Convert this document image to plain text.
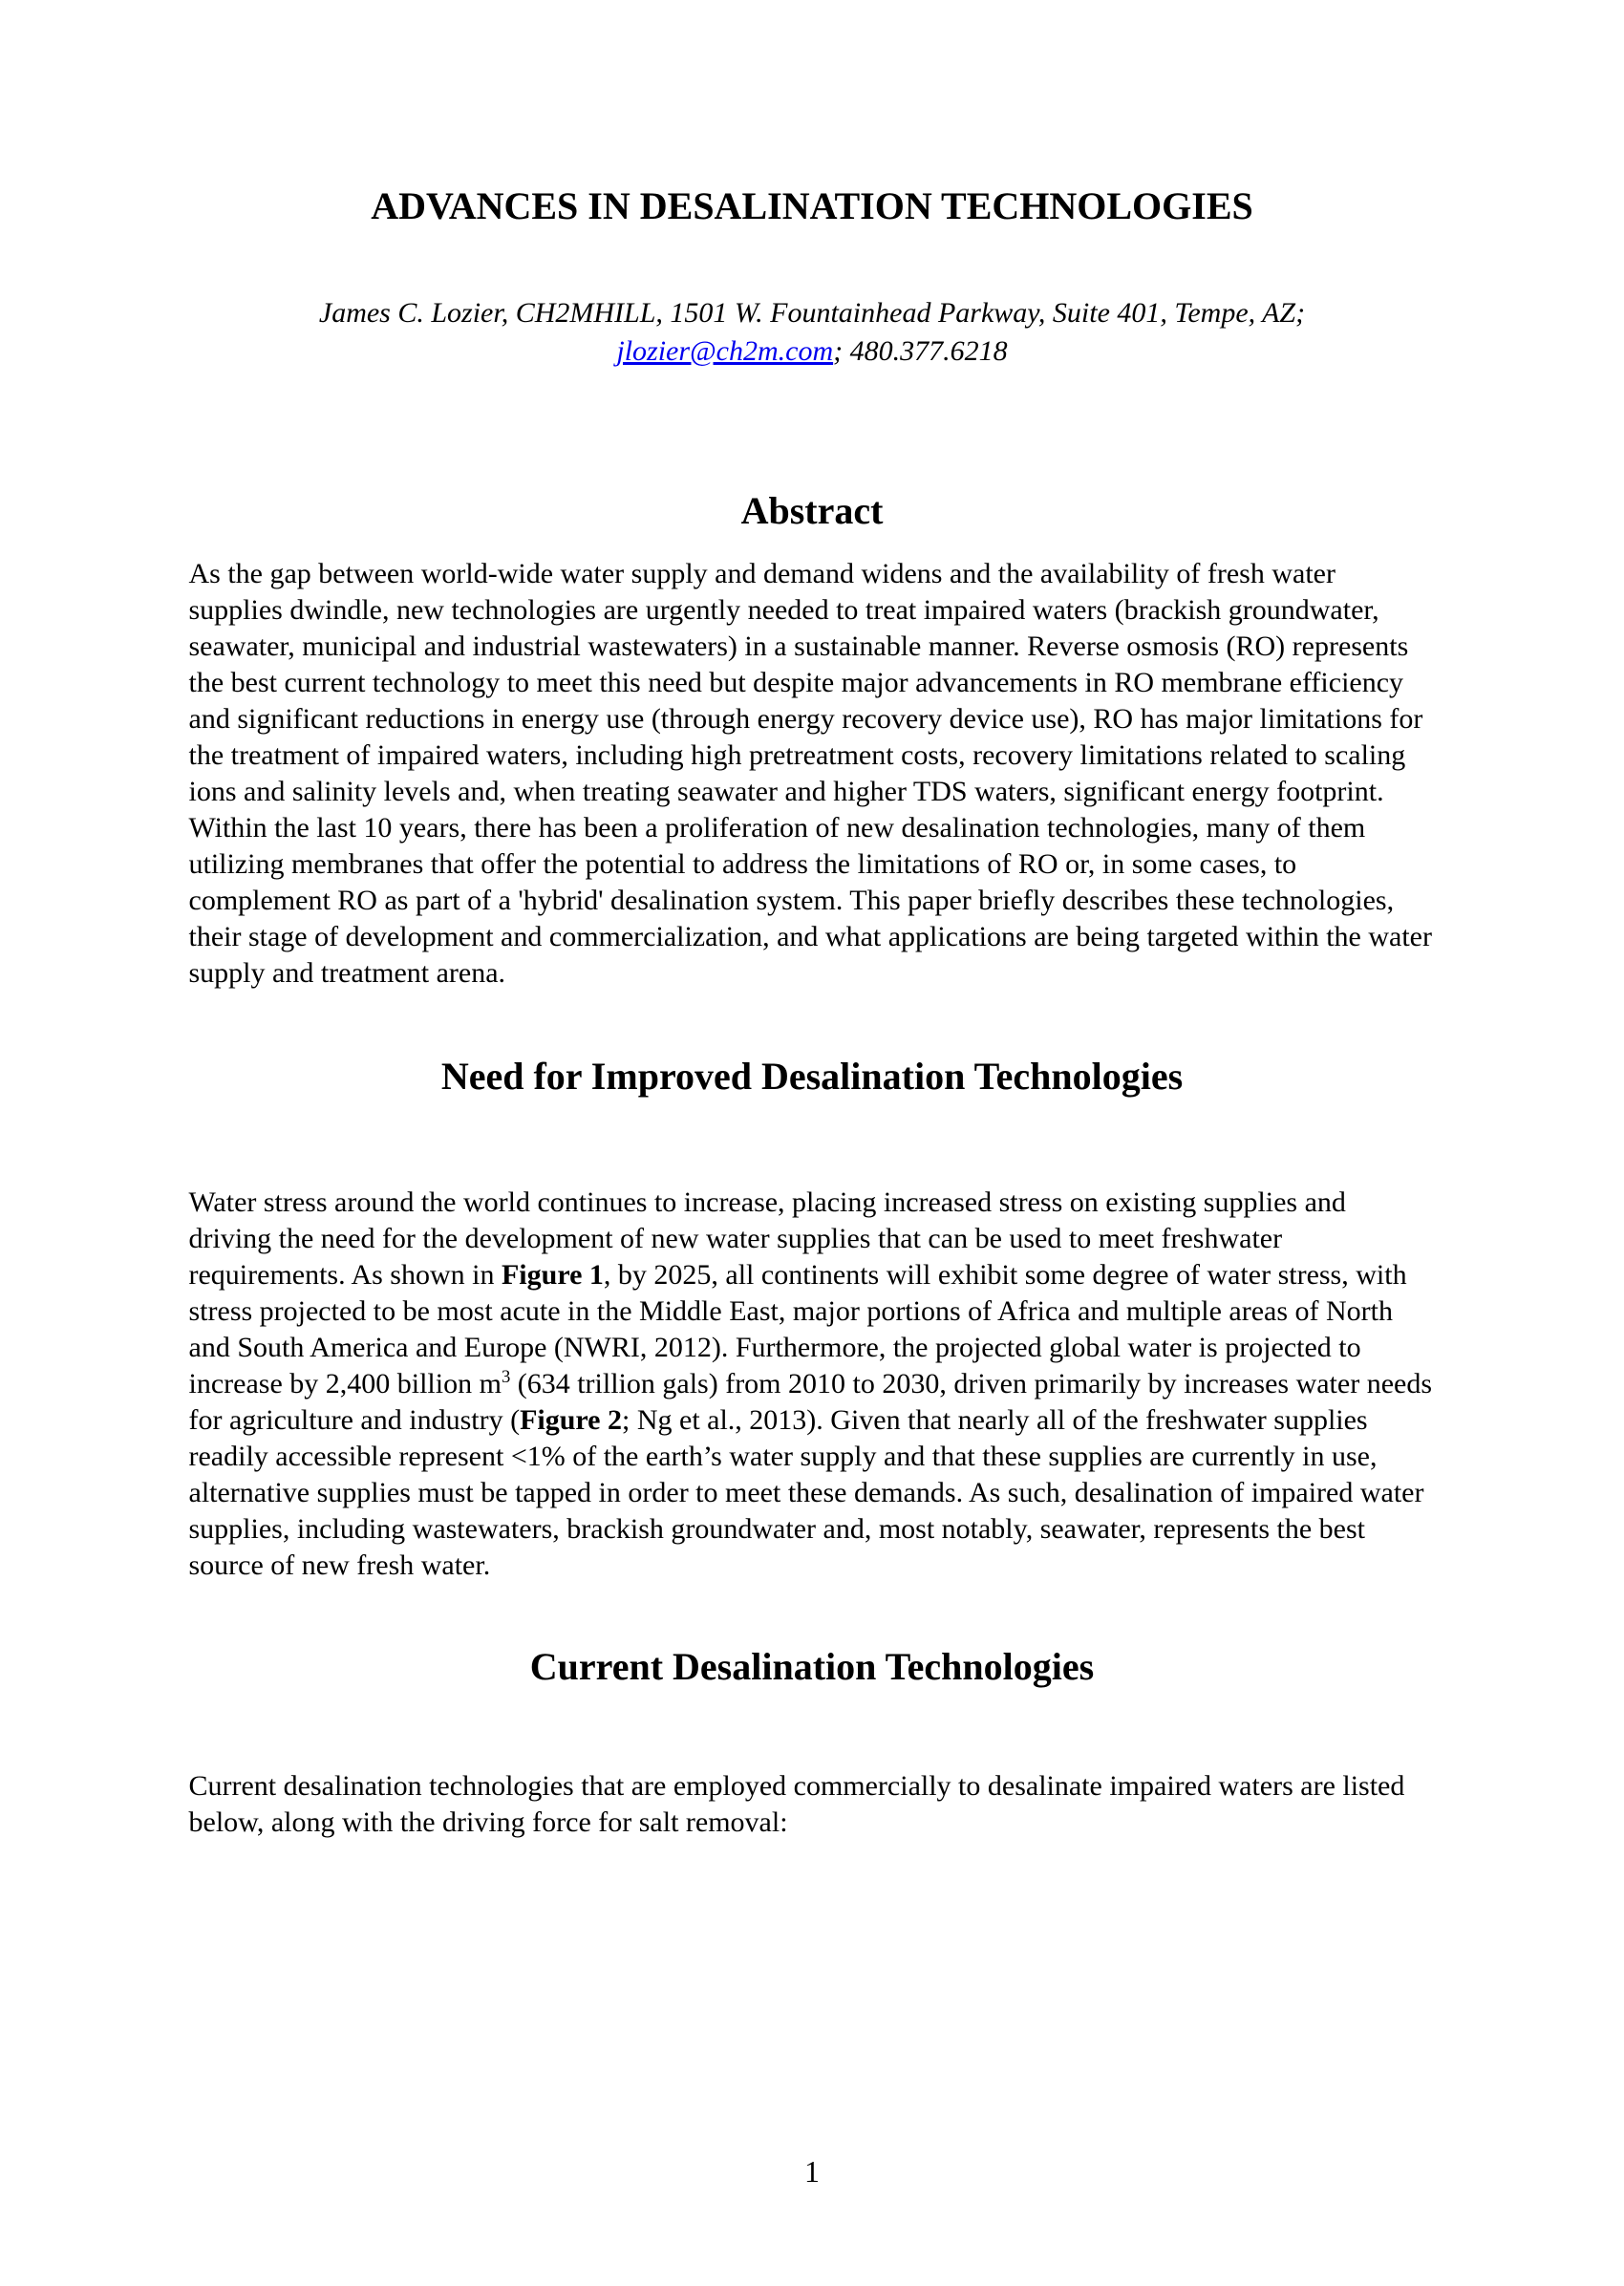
ADVANCES IN DESALINATION TECHNOLOGIES
James C. Lozier, CH2MHILL, 1501 W. Fountainhead Parkway, Suite 401, Tempe, AZ;
jlozier@ch2m.com; 480.377.6218
Abstract

As the gap between world-wide water supply and demand widens and the availability of fresh water supplies dwindle, new technologies are urgently needed to treat impaired waters (brackish groundwater, seawater, municipal and industrial wastewaters) in a sustainable manner. Reverse osmosis (RO) represents the best current technology to meet this need but despite major advancements in RO membrane efficiency and significant reductions in energy use (through energy recovery device use), RO has major limitations for the treatment of impaired waters, including high pretreatment costs, recovery limitations related to scaling ions and salinity levels and, when treating seawater and higher TDS waters, significant energy footprint. Within the last 10 years, there has been a proliferation of new desalination technologies, many of them utilizing membranes that offer the potential to address the limitations of RO or, in some cases, to complement RO as part of a 'hybrid' desalination system. This paper briefly describes these technologies, their stage of development and commercialization, and what applications are being targeted within the water supply and treatment arena.

Need for Improved Desalination Technologies

Water stress around the world continues to increase, placing increased stress on existing supplies and driving the need for the development of new water supplies that can be used to meet freshwater requirements. As shown in Figure 1, by 2025, all continents will exhibit some degree of water stress, with stress projected to be most acute in the Middle East, major portions of Africa and multiple areas of North and South America and Europe (NWRI, 2012). Furthermore, the projected global water is projected to increase by 2,400 billion $m^3$ (634 trillion gals) from 2010 to 2030, driven primarily by increases water needs for agriculture and industry (Figure 2; Ng et al., 2013). Given that nearly all of the freshwater supplies readily accessible represent <1% of the earth’s water supply and that these supplies are currently in use, alternative supplies must be tapped in order to meet these demands. As such, desalination of impaired water supplies, including wastewaters, brackish groundwater and, most notably, seawater, represents the best source of new fresh water.

Current Desalination Technologies

Current desalination technologies that are employed commercially to desalinate impaired waters are listed below, along with the driving force for salt removal:

1
